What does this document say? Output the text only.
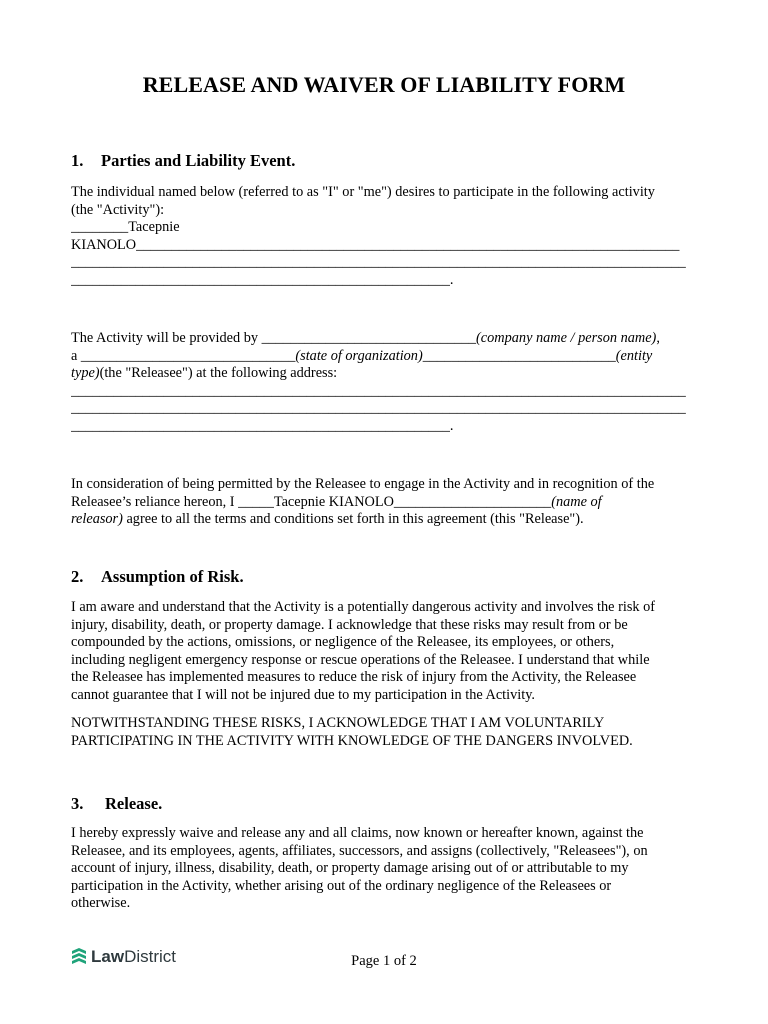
RELEASE AND WAIVER OF LIABILITY FORM
1. Parties and Liability Event.
The individual named below (referred to as "I" or "me") desires to participate in the following activity
(the "Activity"):
________Tacepnie
KIANOLO____________________________________________________________________________
______________________________________________________________________________________
_____________________________________________________.
The Activity will be provided by ______________________________(company name / person name),
a ______________________________(state of organization)___________________________(entity
type)(the "Releasee") at the following address:
______________________________________________________________________________________
______________________________________________________________________________________
_____________________________________________________.
In consideration of being permitted by the Releasee to engage in the Activity and in recognition of the
Releasee’s reliance hereon, I _____Tacepnie KIANOLO______________________(name of
releasor) agree to all the terms and conditions set forth in this agreement (this "Release").
2. Assumption of Risk.
I am aware and understand that the Activity is a potentially dangerous activity and involves the risk of
injury, disability, death, or property damage. I acknowledge that these risks may result from or be
compounded by the actions, omissions, or negligence of the Releasee, its employees, or others,
including negligent emergency response or rescue operations of the Releasee. I understand that while
the Releasee has implemented measures to reduce the risk of injury from the Activity, the Releasee
cannot guarantee that I will not be injured due to my participation in the Activity.
NOTWITHSTANDING THESE RISKS, I ACKNOWLEDGE THAT I AM VOLUNTARILY
PARTICIPATING IN THE ACTIVITY WITH KNOWLEDGE OF THE DANGERS INVOLVED.
3. Release.
I hereby expressly waive and release any and all claims, now known or hereafter known, against the
Releasee, and its employees, agents, affiliates, successors, and assigns (collectively, "Releasees"), on
account of injury, illness, disability, death, or property damage arising out of or attributable to my
participation in the Activity, whether arising out of the ordinary negligence of the Releasees or
otherwise.
LawDistrict	Page 1 of 2
